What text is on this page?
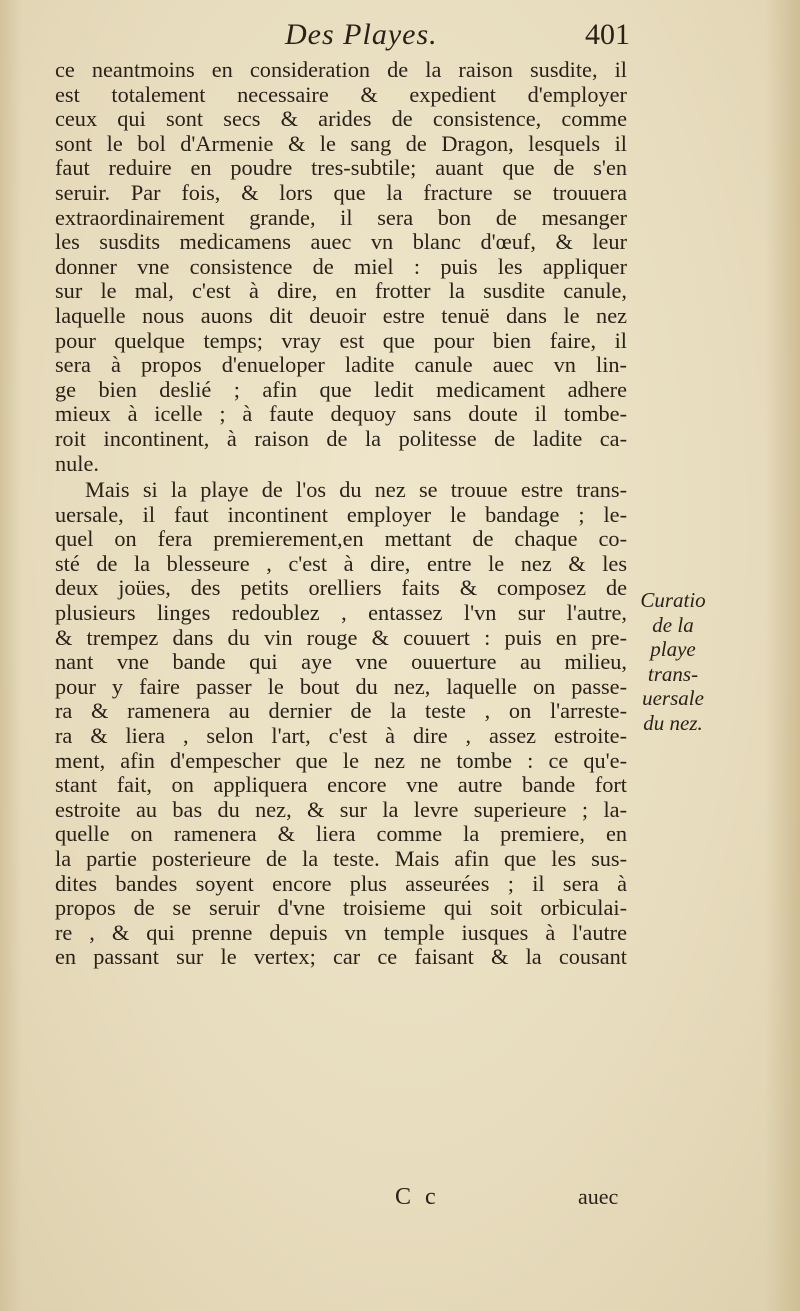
Des Playes.	401
ce neantmoins en consideration de la raison susdite, il
est totalement necessaire & expedient d'employer
ceux qui sont secs & arides de consistence, comme
sont le bol d'Armenie & le sang de Dragon, lesquels il
faut reduire en poudre tres-subtile; auant que de s'en
seruir. Par fois, & lors que la fracture se trouuera
extraordinairement grande, il sera bon de mesanger
les susdits medicamens auec vn blanc d'œuf, & leur
donner vne consistence de miel : puis les appliquer
sur le mal, c'est à dire, en frotter la susdite canule,
laquelle nous auons dit deuoir estre tenuë dans le nez
pour quelque temps; vray est que pour bien faire, il
sera à propos d'enueloper ladite canule auec vn lin-
ge bien deslié ; afin que ledit medicament adhere
mieux à icelle ; à faute dequoy sans doute il tombe-
roit incontinent, à raison de la politesse de ladite ca-
nule.
Mais si la playe de l'os du nez se trouue estre trans-
uersale, il faut incontinent employer le bandage ; le-
quel on fera premierement,en mettant de chaque co-
sté de la blesseure , c'est à dire, entre le nez & les
deux joües, des petits orelliers faits & composez de
plusieurs linges redoublez , entassez l'vn sur l'autre,
& trempez dans du vin rouge & couuert : puis en pre-
nant vne bande qui aye vne ouuerture au milieu,
pour y faire passer le bout du nez, laquelle on passe-
ra & ramenera au dernier de la teste , on l'arreste-
ra & liera , selon l'art, c'est à dire , assez estroite-
ment, afin d'empescher que le nez ne tombe : ce qu'e-
stant fait, on appliquera encore vne autre bande fort
estroite au bas du nez, & sur la levre superieure ; la-
quelle on ramenera & liera comme la premiere, en
la partie posterieure de la teste. Mais afin que les sus-
dites bandes soyent encore plus asseurées ; il sera à
propos de se seruir d'vne troisieme qui soit orbiculai-
re , & qui prenne depuis vn temple iusques à l'autre
en passant sur le vertex; car ce faisant & la cousant
Curatio
de la
playe
trans-
uersale
du nez.
C c	auec
